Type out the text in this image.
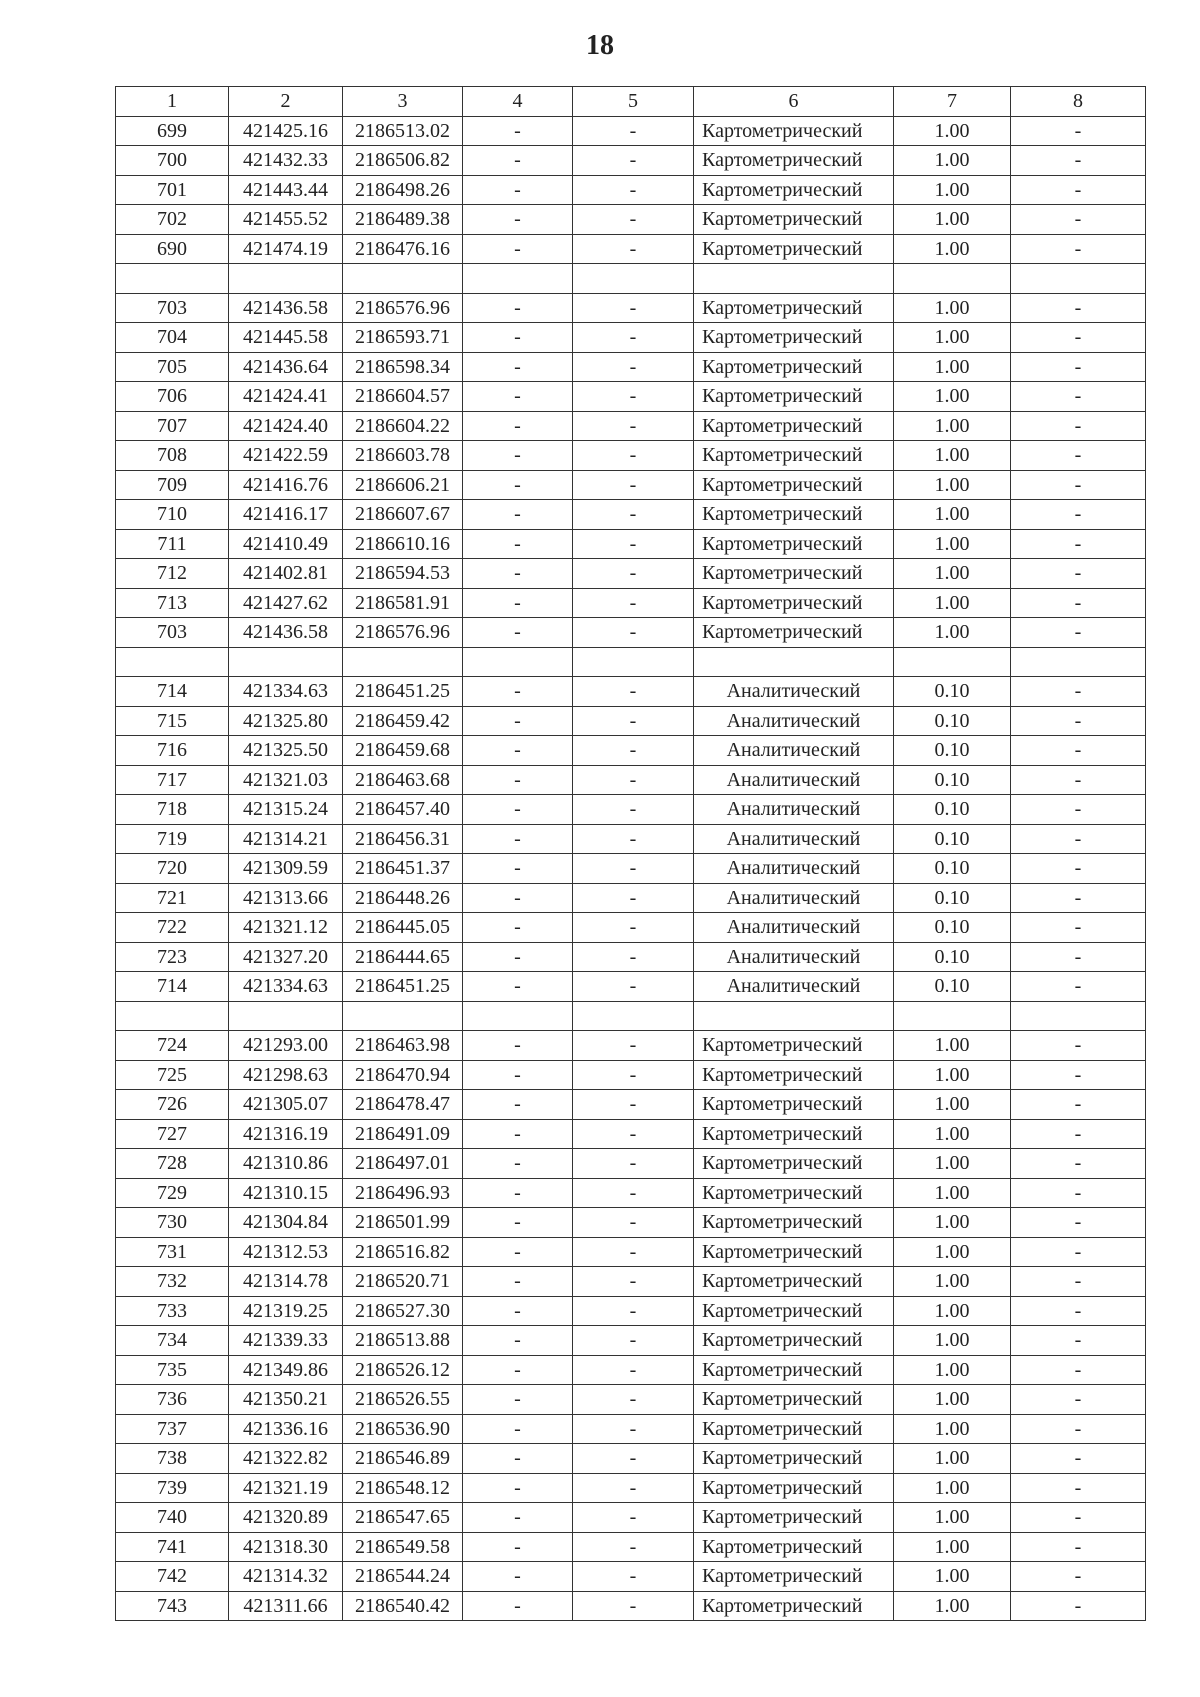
18
1	2	3	4	5	6	7	8
699	421425.16	2186513.02	-	-	Картометрический	1.00	-
700	421432.33	2186506.82	-	-	Картометрический	1.00	-
701	421443.44	2186498.26	-	-	Картометрический	1.00	-
702	421455.52	2186489.38	-	-	Картометрический	1.00	-
690	421474.19	2186476.16	-	-	Картометрический	1.00	-

703	421436.58	2186576.96	-	-	Картометрический	1.00	-
704	421445.58	2186593.71	-	-	Картометрический	1.00	-
705	421436.64	2186598.34	-	-	Картометрический	1.00	-
706	421424.41	2186604.57	-	-	Картометрический	1.00	-
707	421424.40	2186604.22	-	-	Картометрический	1.00	-
708	421422.59	2186603.78	-	-	Картометрический	1.00	-
709	421416.76	2186606.21	-	-	Картометрический	1.00	-
710	421416.17	2186607.67	-	-	Картометрический	1.00	-
711	421410.49	2186610.16	-	-	Картометрический	1.00	-
712	421402.81	2186594.53	-	-	Картометрический	1.00	-
713	421427.62	2186581.91	-	-	Картометрический	1.00	-
703	421436.58	2186576.96	-	-	Картометрический	1.00	-

714	421334.63	2186451.25	-	-	Аналитический	0.10	-
715	421325.80	2186459.42	-	-	Аналитический	0.10	-
716	421325.50	2186459.68	-	-	Аналитический	0.10	-
717	421321.03	2186463.68	-	-	Аналитический	0.10	-
718	421315.24	2186457.40	-	-	Аналитический	0.10	-
719	421314.21	2186456.31	-	-	Аналитический	0.10	-
720	421309.59	2186451.37	-	-	Аналитический	0.10	-
721	421313.66	2186448.26	-	-	Аналитический	0.10	-
722	421321.12	2186445.05	-	-	Аналитический	0.10	-
723	421327.20	2186444.65	-	-	Аналитический	0.10	-
714	421334.63	2186451.25	-	-	Аналитический	0.10	-

724	421293.00	2186463.98	-	-	Картометрический	1.00	-
725	421298.63	2186470.94	-	-	Картометрический	1.00	-
726	421305.07	2186478.47	-	-	Картометрический	1.00	-
727	421316.19	2186491.09	-	-	Картометрический	1.00	-
728	421310.86	2186497.01	-	-	Картометрический	1.00	-
729	421310.15	2186496.93	-	-	Картометрический	1.00	-
730	421304.84	2186501.99	-	-	Картометрический	1.00	-
731	421312.53	2186516.82	-	-	Картометрический	1.00	-
732	421314.78	2186520.71	-	-	Картометрический	1.00	-
733	421319.25	2186527.30	-	-	Картометрический	1.00	-
734	421339.33	2186513.88	-	-	Картометрический	1.00	-
735	421349.86	2186526.12	-	-	Картометрический	1.00	-
736	421350.21	2186526.55	-	-	Картометрический	1.00	-
737	421336.16	2186536.90	-	-	Картометрический	1.00	-
738	421322.82	2186546.89	-	-	Картометрический	1.00	-
739	421321.19	2186548.12	-	-	Картометрический	1.00	-
740	421320.89	2186547.65	-	-	Картометрический	1.00	-
741	421318.30	2186549.58	-	-	Картометрический	1.00	-
742	421314.32	2186544.24	-	-	Картометрический	1.00	-
743	421311.66	2186540.42	-	-	Картометрический	1.00	-
